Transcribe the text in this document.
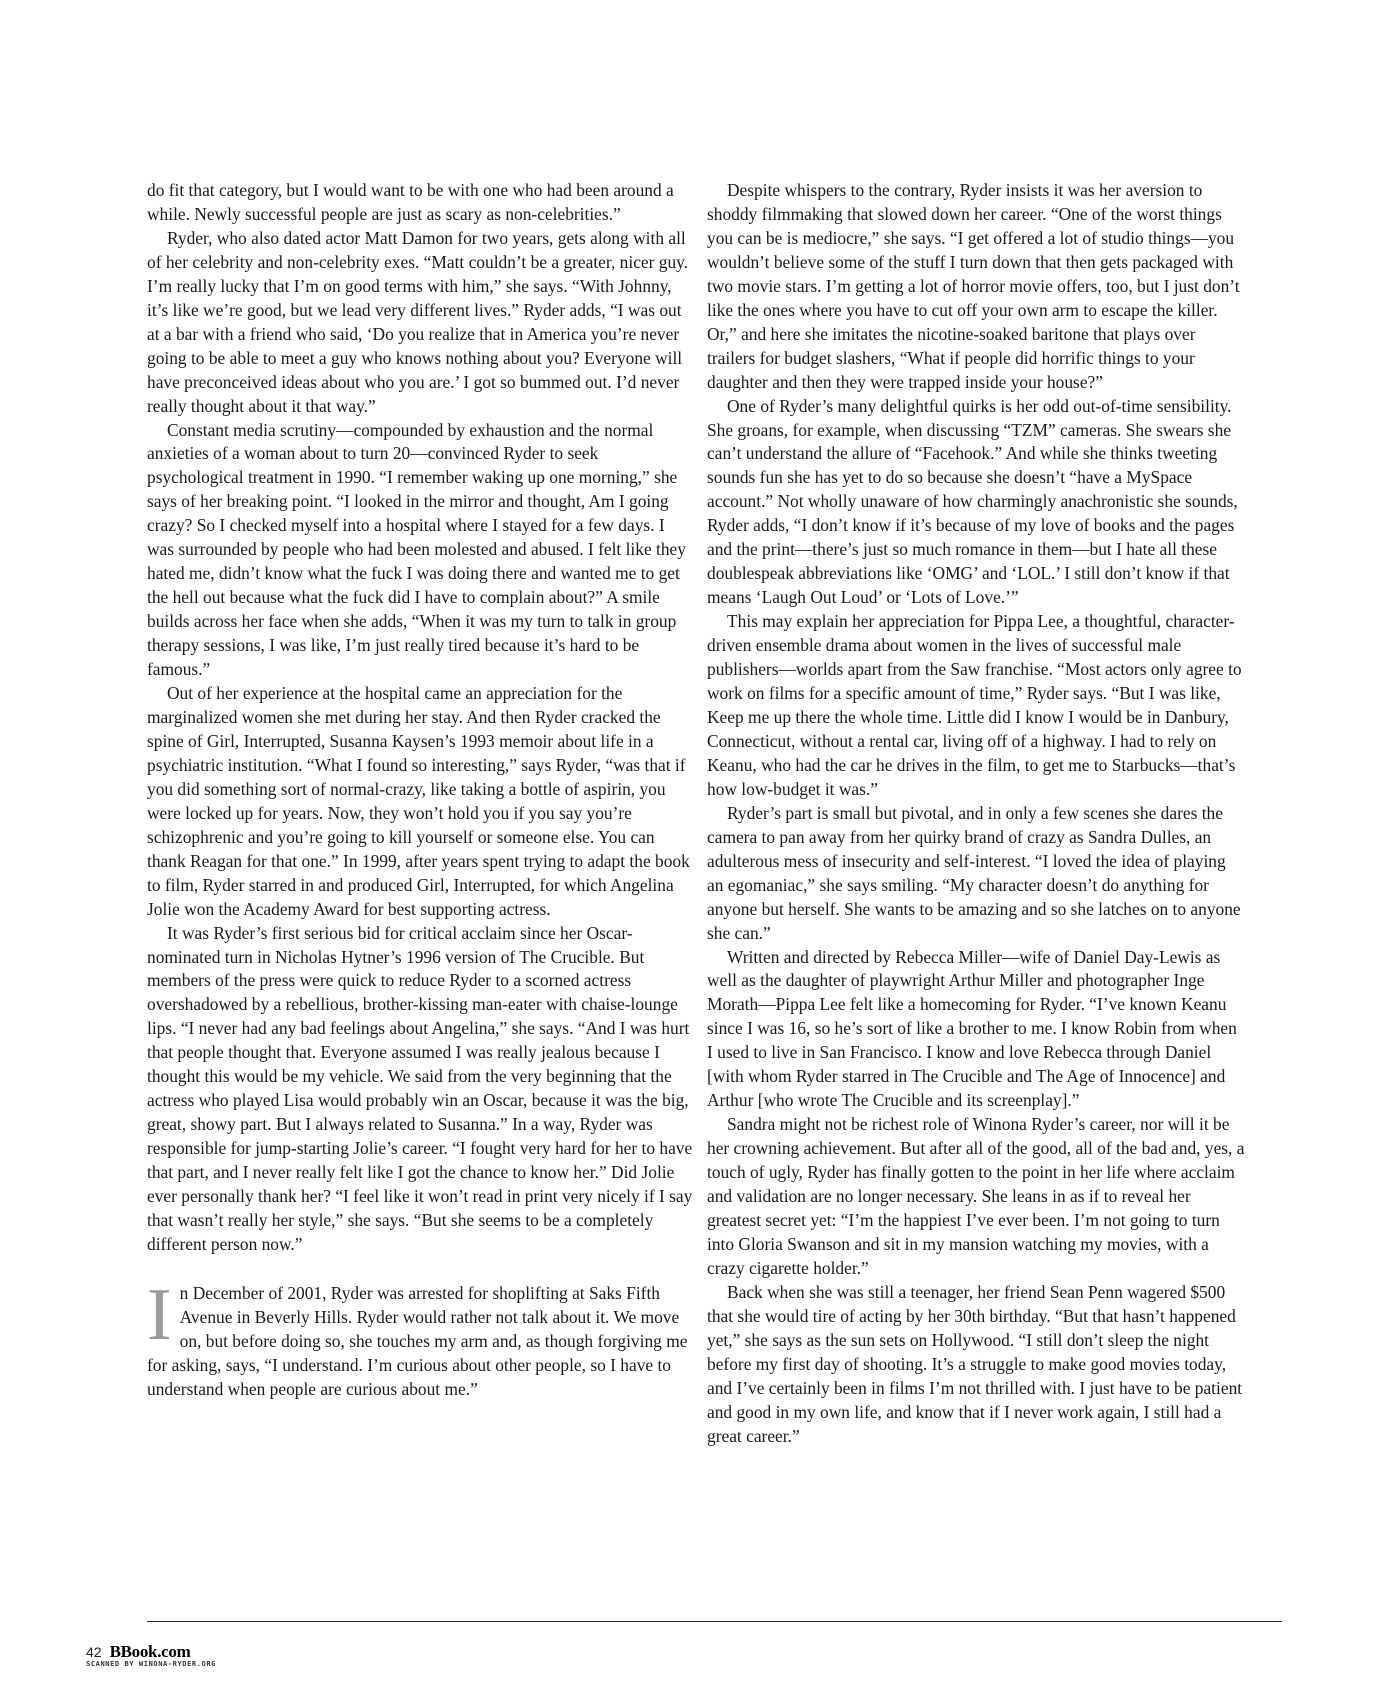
do fit that category, but I would want to be with one who had been around a while. Newly successful people are just as scary as non-celebrities.”

Ryder, who also dated actor Matt Damon for two years, gets along with all of her celebrity and non-celebrity exes. “Matt couldn’t be a greater, nicer guy. I’m really lucky that I’m on good terms with him,” she says. “With Johnny, it’s like we’re good, but we lead very different lives.” Ryder adds, “I was out at a bar with a friend who said, ‘Do you realize that in America you’re never going to be able to meet a guy who knows nothing about you? Everyone will have preconceived ideas about who you are.’ I got so bummed out. I’d never really thought about it that way.”

Constant media scrutiny—compounded by exhaustion and the normal anxieties of a woman about to turn 20—convinced Ryder to seek psychological treatment in 1990. “I remember waking up one morning,” she says of her breaking point. “I looked in the mirror and thought, Am I going crazy? So I checked myself into a hospital where I stayed for a few days. I was surrounded by people who had been molested and abused. I felt like they hated me, didn’t know what the fuck I was doing there and wanted me to get the hell out because what the fuck did I have to complain about?” A smile builds across her face when she adds, “When it was my turn to talk in group therapy sessions, I was like, I’m just really tired because it’s hard to be famous.”

Out of her experience at the hospital came an appreciation for the marginalized women she met during her stay. And then Ryder cracked the spine of Girl, Interrupted, Susanna Kaysen’s 1993 memoir about life in a psychiatric institution. “What I found so interesting,” says Ryder, “was that if you did something sort of normal-crazy, like taking a bottle of aspirin, you were locked up for years. Now, they won’t hold you if you say you’re schizophrenic and you’re going to kill yourself or someone else. You can thank Reagan for that one.” In 1999, after years spent trying to adapt the book to film, Ryder starred in and produced Girl, Interrupted, for which Angelina Jolie won the Academy Award for best supporting actress.

It was Ryder’s first serious bid for critical acclaim since her Oscar-nominated turn in Nicholas Hytner’s 1996 version of The Crucible. But members of the press were quick to reduce Ryder to a scorned actress overshadowed by a rebellious, brother-kissing man-eater with chaise-lounge lips. “I never had any bad feelings about Angelina,” she says. “And I was hurt that people thought that. Everyone assumed I was really jealous because I thought this would be my vehicle. We said from the very beginning that the actress who played Lisa would probably win an Oscar, because it was the big, great, showy part. But I always related to Susanna.” In a way, Ryder was responsible for jump-starting Jolie’s career. “I fought very hard for her to have that part, and I never really felt like I got the chance to know her.” Did Jolie ever personally thank her? “I feel like it won’t read in print very nicely if I say that wasn’t really her style,” she says. “But she seems to be a completely different person now.”

In December of 2001, Ryder was arrested for shoplifting at Saks Fifth Avenue in Beverly Hills. Ryder would rather not talk about it. We move on, but before doing so, she touches my arm and, as though forgiving me for asking, says, “I understand. I’m curious about other people, so I have to understand when people are curious about me.”

Despite whispers to the contrary, Ryder insists it was her aversion to shoddy filmmaking that slowed down her career. “One of the worst things you can be is mediocre,” she says. “I get offered a lot of studio things—you wouldn’t believe some of the stuff I turn down that then gets packaged with two movie stars. I’m getting a lot of horror movie offers, too, but I just don’t like the ones where you have to cut off your own arm to escape the killer. Or,” and here she imitates the nicotine-soaked baritone that plays over trailers for budget slashers, “What if people did horrific things to your daughter and then they were trapped inside your house?”

One of Ryder’s many delightful quirks is her odd out-of-time sensibility. She groans, for example, when discussing “TZM” cameras. She swears she can’t understand the allure of “Facehook.” And while she thinks tweeting sounds fun she has yet to do so because she doesn’t “have a MySpace account.” Not wholly unaware of how charmingly anachronistic she sounds, Ryder adds, “I don’t know if it’s because of my love of books and the pages and the print—there’s just so much romance in them—but I hate all these doublespeak abbreviations like ‘OMG’ and ‘LOL.’ I still don’t know if that means ‘Laugh Out Loud’ or ‘Lots of Love.’”

This may explain her appreciation for Pippa Lee, a thoughtful, character-driven ensemble drama about women in the lives of successful male publishers—worlds apart from the Saw franchise. “Most actors only agree to work on films for a specific amount of time,” Ryder says. “But I was like, Keep me up there the whole time. Little did I know I would be in Danbury, Connecticut, without a rental car, living off of a highway. I had to rely on Keanu, who had the car he drives in the film, to get me to Starbucks—that’s how low-budget it was.”

Ryder’s part is small but pivotal, and in only a few scenes she dares the camera to pan away from her quirky brand of crazy as Sandra Dulles, an adulterous mess of insecurity and self-interest. “I loved the idea of playing an egomaniac,” she says smiling. “My character doesn’t do anything for anyone but herself. She wants to be amazing and so she latches on to anyone she can.”

Written and directed by Rebecca Miller—wife of Daniel Day-Lewis as well as the daughter of playwright Arthur Miller and photographer Inge Morath—Pippa Lee felt like a homecoming for Ryder. “I’ve known Keanu since I was 16, so he’s sort of like a brother to me. I know Robin from when I used to live in San Francisco. I know and love Rebecca through Daniel [with whom Ryder starred in The Crucible and The Age of Innocence] and Arthur [who wrote The Crucible and its screenplay].”

Sandra might not be richest role of Winona Ryder’s career, nor will it be her crowning achievement. But after all of the good, all of the bad and, yes, a touch of ugly, Ryder has finally gotten to the point in her life where acclaim and validation are no longer necessary. She leans in as if to reveal her greatest secret yet: “I’m the happiest I’ve ever been. I’m not going to turn into Gloria Swanson and sit in my mansion watching my movies, with a crazy cigarette holder.”

Back when she was still a teenager, her friend Sean Penn wagered $500 that she would tire of acting by her 30th birthday. “But that hasn’t happened yet,” she says as the sun sets on Hollywood. “I still don’t sleep the night before my first day of shooting. It’s a struggle to make good movies today, and I’ve certainly been in films I’m not thrilled with. I just have to be patient and good in my own life, and know that if I never work again, I still had a great career.”

42 BBook.com
SCANNED BY WINONA-RYDER.ORG
